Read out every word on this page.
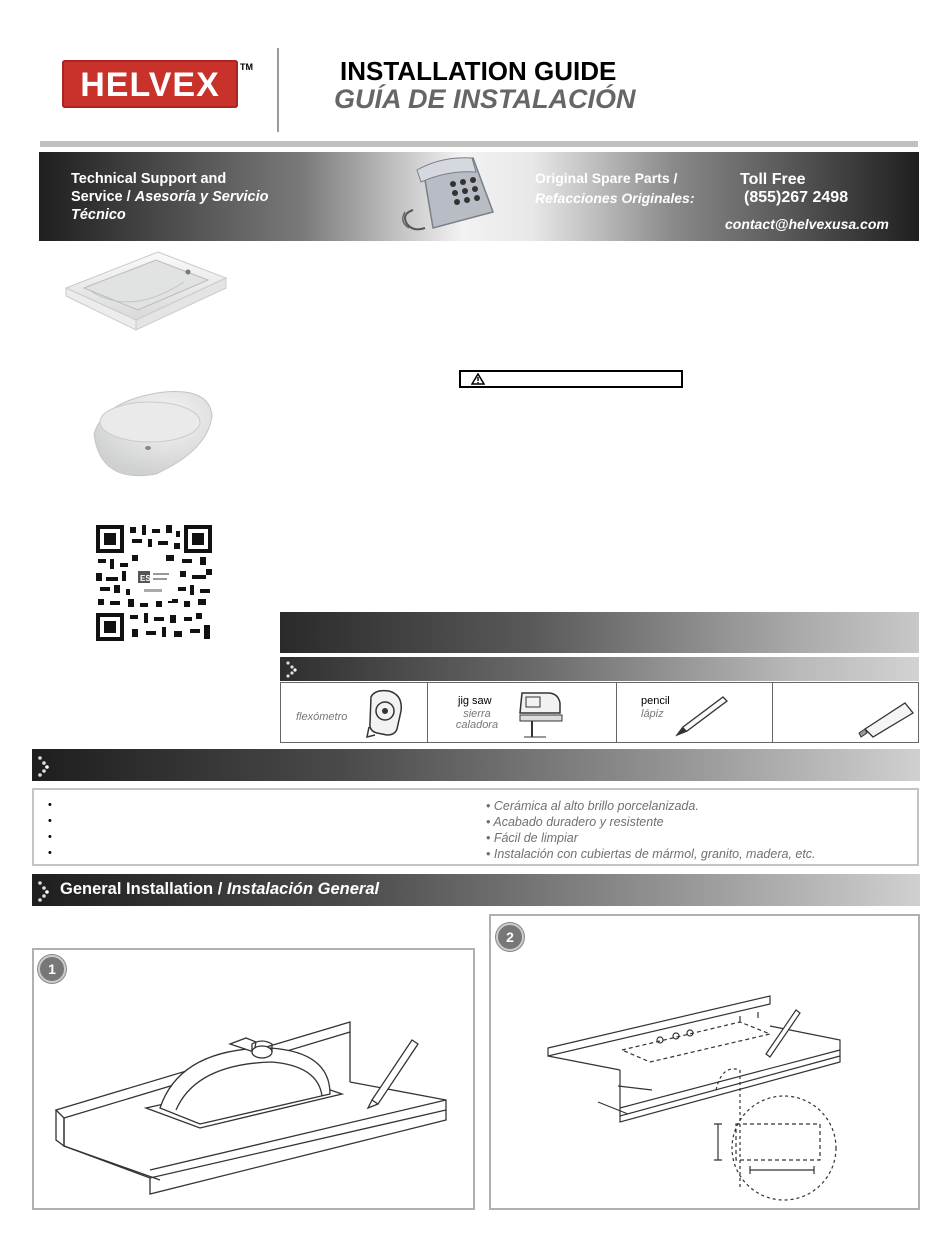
HELVEX	TM	INSTALLATION GUIDE
GUÍA DE INSTALACIÓN
Technical Support and Service / Asesoría y Servicio Técnico
Original Spare Parts /
Refacciones Originales:
Toll Free
(855)267 2498
contact@helvexusa.com
ES
flexómetro
jig saw
sierra caladora
pencil
lápiz
•
•
•
•
• Cerámica al alto brillo porcelanizada.
• Acabado duradero y resistente
• Fácil de limpiar
• Instalación con cubiertas de mármol, granito, madera, etc.
General Installation / Instalación General
1
2
